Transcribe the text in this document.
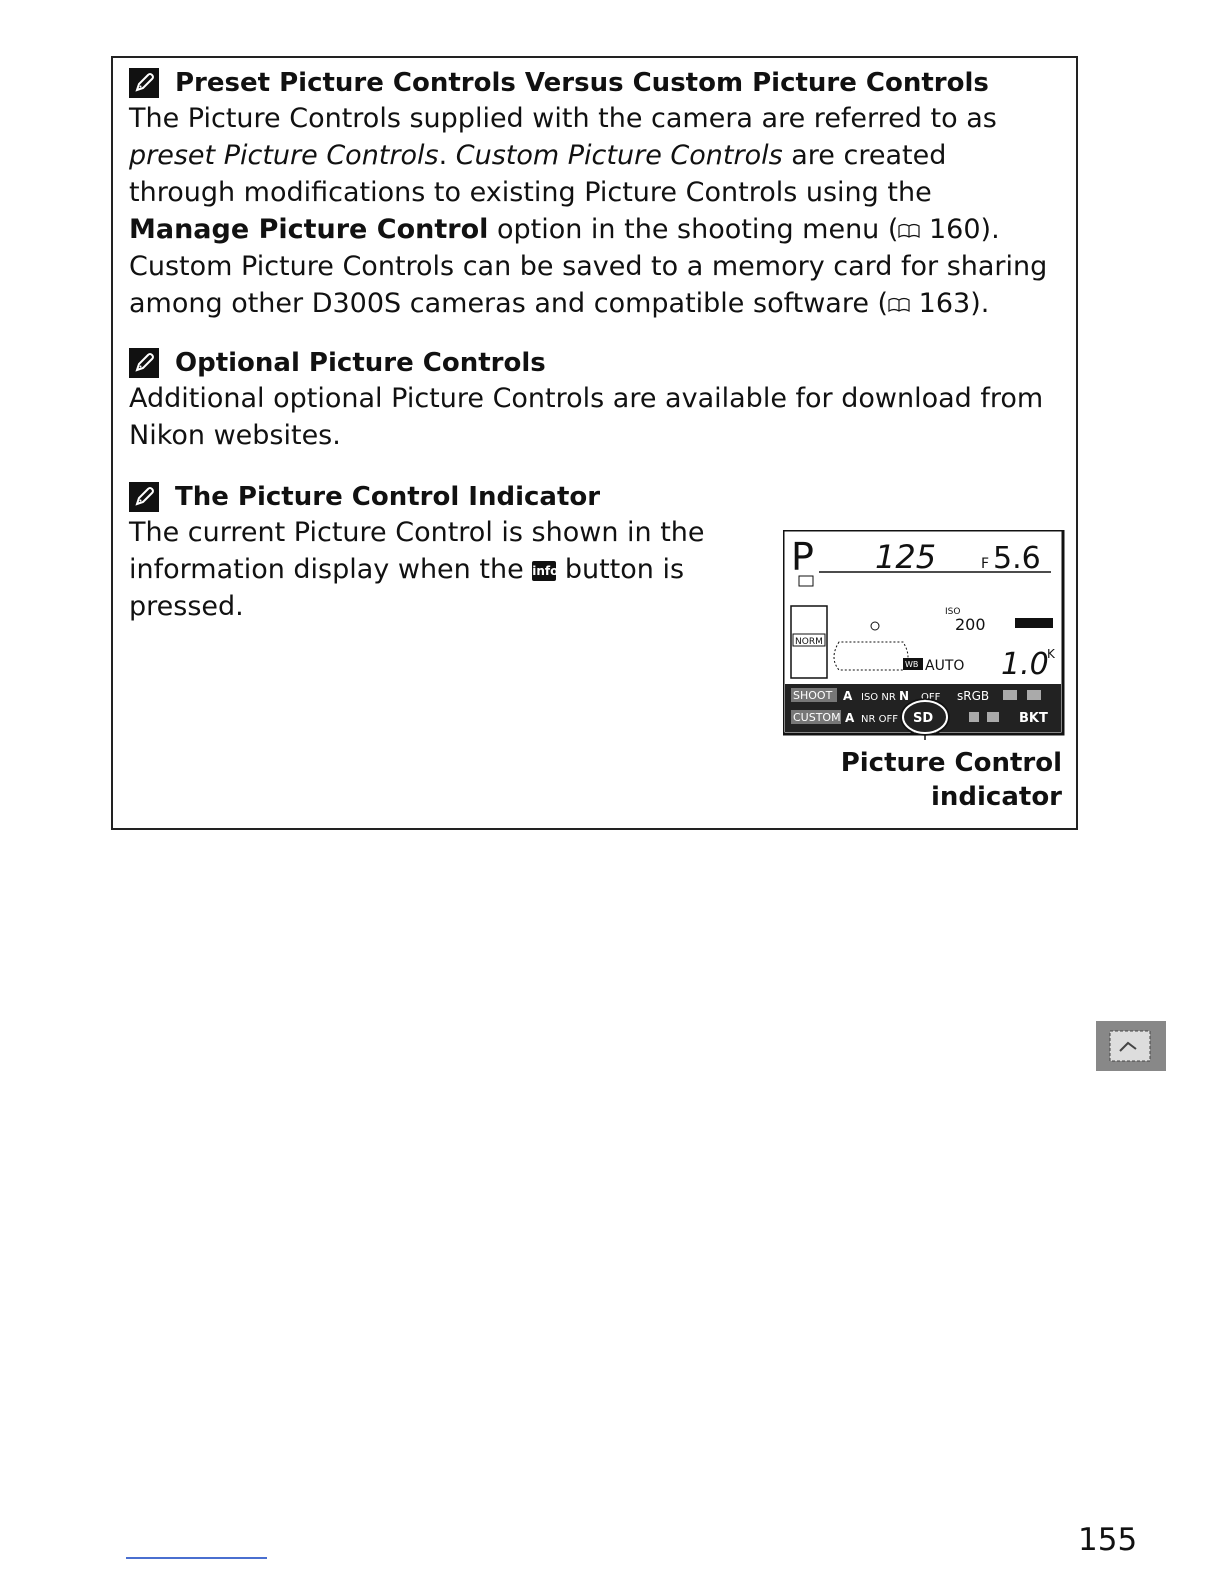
Preset Picture Controls Versus Custom Picture Controls
The Picture Controls supplied with the camera are referred to as preset Picture Controls. Custom Picture Controls are created through modifications to existing Picture Controls using the Manage Picture Control option in the shooting menu ( 160). Custom Picture Controls can be saved to a memory card for sharing among other D300S cameras and compatible software ( 163).
Optional Picture Controls
Additional optional Picture Controls are available for download from Nikon websites.
The Picture Control Indicator
The current Picture Control is shown in the information display when the info button is pressed.
P 125	F 5.6
NORM
ISO
200
WB AUTO 1.0
K
SHOOT A ISO NR N OFF sRGB
CUSTOM A NR OFF SD	BKT
Picture Control
indicator
155
